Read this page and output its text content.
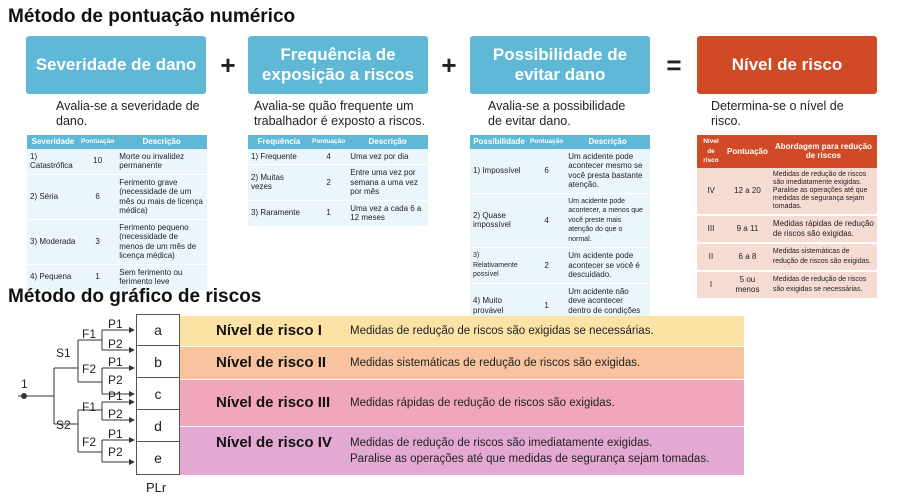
Método de pontuação numérico
Severidade de dano +	Frequência de exposição a riscos	+	Possibilidade de evitar dano	=	Nível de risco
Avalia-se a severidade de dano.
Avalia-se quão frequente um trabalhador é exposto a riscos.
Avalia-se a possibilidade de evitar dano.
Determina-se o nível de risco.
Severidade	Pontuação	Descrição
1) Catastrófica	10	Morte ou invalidez permanente
2) Séria	6	Ferimento grave (necessidade de um mês ou mais de licença médica)
3) Moderada	3	Ferimento pequeno (necessidade de menos de um mês de licença médica)
4) Pequena	1	Sem ferimento ou ferimento leve
Frequência	Pontuação	Descrição
1) Frequente	4	Uma vez por dia
2) Muitas vezes	2	Entre uma vez por semana a uma vez por mês
3) Raramente	1	Uma vez a cada 6 a 12 meses
Possibilidade	Pontuação	Descrição
1) Impossível	6	Um acidente pode acontecer mesmo se você presta bastante atenção.
2) Quase impossível	4	Um acidente pode acontecer, a menos que você preste mais atenção do que o normal.
3) Relativamente possível	2	Um acidente pode acontecer se você é descuidado.
4) Muito provável	1	Um acidente não deve acontecer dentro de condições
Nível de risco	Pontuação	Abordagem para redução de riscos
IV	12 a 20	Medidas de redução de riscos são imediatamente exigidas. Paralise as operações até que medidas de segurança sejam tomadas.
III	9 a 11	Medidas rápidas de redução de riscos são exigidas.
II	6 a 8	Medidas sistemáticas de redução de riscos são exigidas.
I	5 ou menos	Medidas de redução de riscos são exigidas se necessárias.
Método do gráfico de riscos
Nível de risco I Medidas de redução de riscos são exigidas se necessárias.
Nível de risco II Medidas sistemáticas de redução de riscos são exigidas.
Nível de risco III Medidas rápidas de redução de riscos são exigidas.
Nível de risco IV Medidas de redução de riscos são imediatamente exigidas.
Paralise as operações até que medidas de segurança sejam tomadas.
1
S1
S2
F1
F2
F1
F2
P1
P2
P1
P2
P1
P2
P1
P2
a
b
c
d
e
PLr
